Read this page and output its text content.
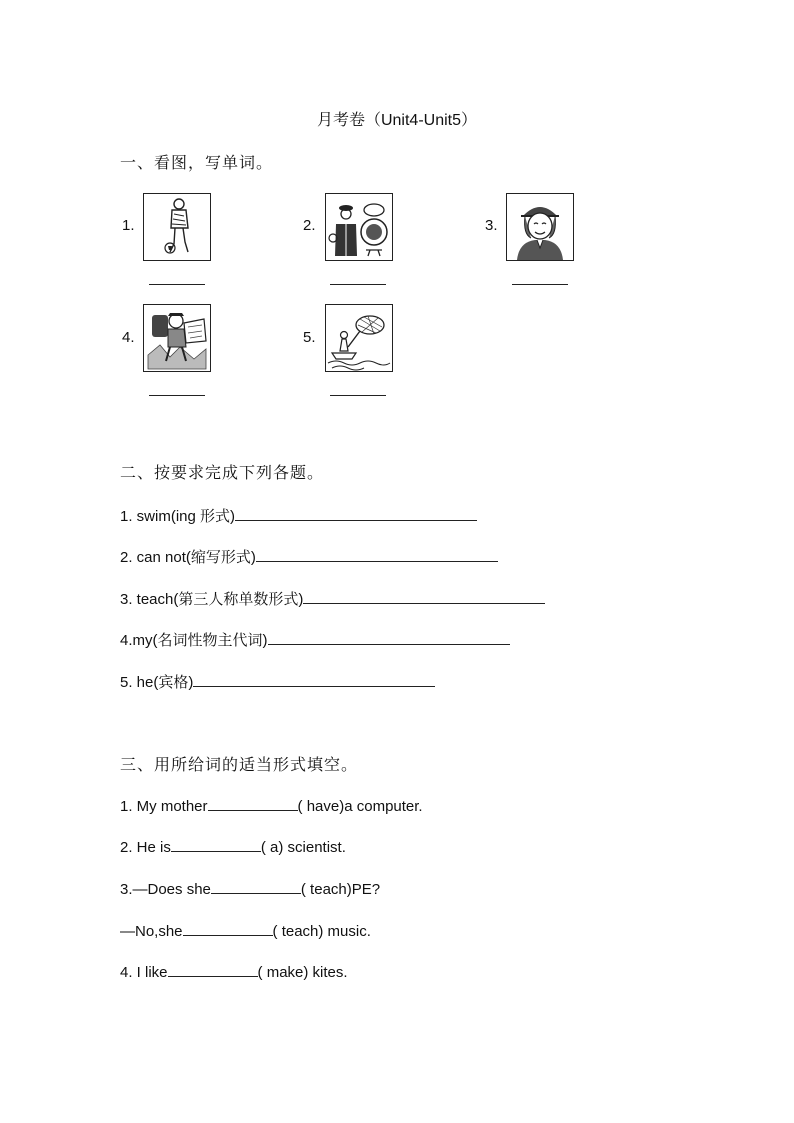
月考卷（Unit4-Unit5）
一、看图，写单词。
1.	2.	3.
4.	5.
二、按要求完成下列各题。
1. swim(ing 形式)
2. can not(缩写形式)
3. teach(第三人称单数形式)
4.my(名词性物主代词)
5. he(宾格)
三、用所给词的适当形式填空。
1. My mother	( have)a computer.
2. He is	( a) scientist.
3.—Does she	( teach)PE?
—No,she	( teach) music.
4. I like	( make) kites.
